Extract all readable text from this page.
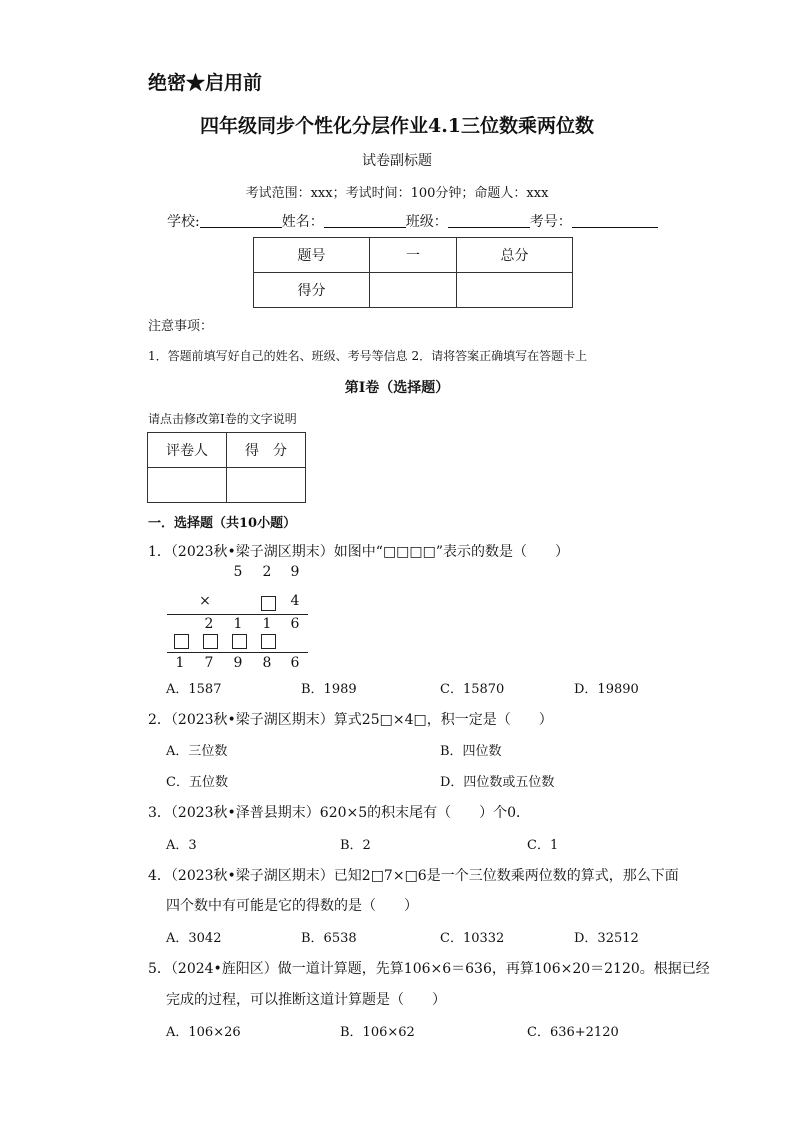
绝密★启用前
四年级同步个性化分层作业4.1三位数乘两位数
试卷副标题
考试范围：xxx；考试时间：100分钟；命题人：xxx
学校:	姓名：	班级：	考号：
题号	一	总分
得分		
注意事项：
1．答题前填写好自己的姓名、班级、考号等信息 2．请将答案正确填写在答题卡上
第Ⅰ卷（选择题）
请点击修改第Ⅰ卷的文字说明
评卷人	得　分

一．选择题（共10小题）
1．（2023秋•梁子湖区期末）如图中“□□□□”表示的数是（　　）
5 2 9
×	4
2 1 1 6
1 7 9 8 6
A．1587	B．1989	C．15870	D．19890
2．（2023秋•梁子湖区期末）算式25□×4□，积一定是（　　）
A．三位数	B．四位数
C．五位数	D．四位数或五位数
3．（2023秋•泽普县期末）620×5的积末尾有（　　）个0．
A．3	B．2	C．1
4．（2023秋•梁子湖区期末）已知2□7×□6是一个三位数乘两位数的算式，那么下面
四个数中有可能是它的得数的是（　　）
A．3042	B．6538	C．10332	D．32512
5．（2024•旌阳区）做一道计算题，先算106×6＝636，再算106×20＝2120。根据已经
完成的过程，可以推断这道计算题是（　　）
A．106×26	B．106×62	C．636+2120
